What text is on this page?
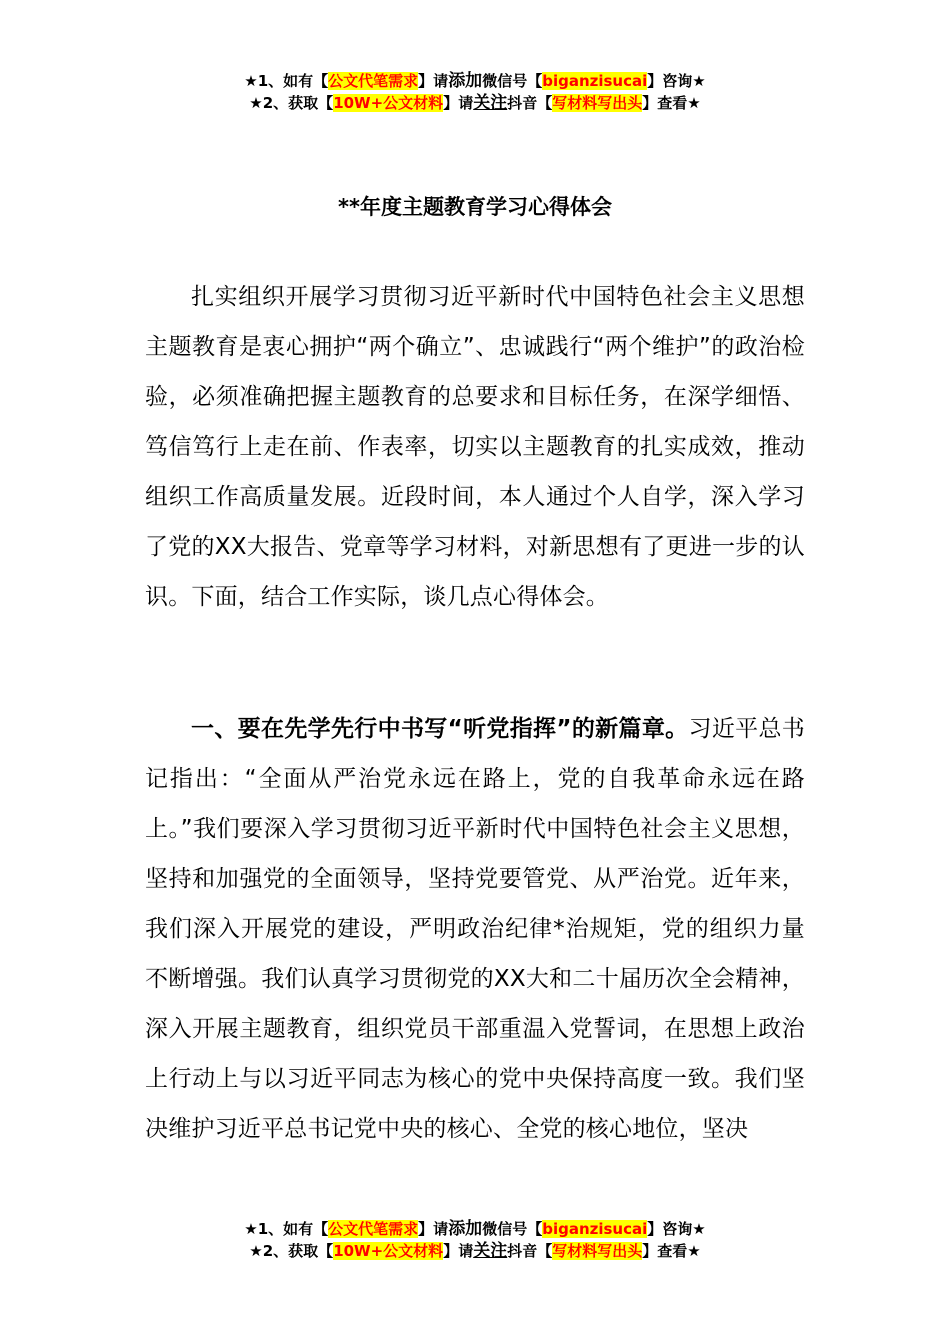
★1、如有【公文代笔需求】请添加微信号【biganzisucai】咨询★
★2、获取【10W+公文材料】请关注抖音【写材料写出头】查看★
**年度主题教育学习心得体会

扎实组织开展学习贯彻习近平新时代中国特色社会主义思想主题教育是衷心拥护“两个确立”、忠诚践行“两个维护”的政治检验，必须准确把握主题教育的总要求和目标任务，在深学细悟、笃信笃行上走在前、作表率，切实以主题教育的扎实成效，推动组织工作高质量发展。近段时间，本人通过个人自学，深入学习了党的XX大报告、党章等学习材料，对新思想有了更进一步的认识。下面，结合工作实际，谈几点心得体会。

一、要在先学先行中书写“听党指挥”的新篇章。习近平总书记指出：“全面从严治党永远在路上，党的自我革命永远在路上。”我们要深入学习贯彻习近平新时代中国特色社会主义思想，坚持和加强党的全面领导，坚持党要管党、从严治党。近年来，我们深入开展党的建设，严明政治纪律*治规矩，党的组织力量不断增强。我们认真学习贯彻党的XX大和二十届历次全会精神，深入开展主题教育，组织党员干部重温入党誓词，在思想上政治上行动上与以习近平同志为核心的党中央保持高度一致。我们坚决维护习近平总书记党中央的核心、全党的核心地位，坚决

★1、如有【公文代笔需求】请添加微信号【biganzisucai】咨询★
★2、获取【10W+公文材料】请关注抖音【写材料写出头】查看★
